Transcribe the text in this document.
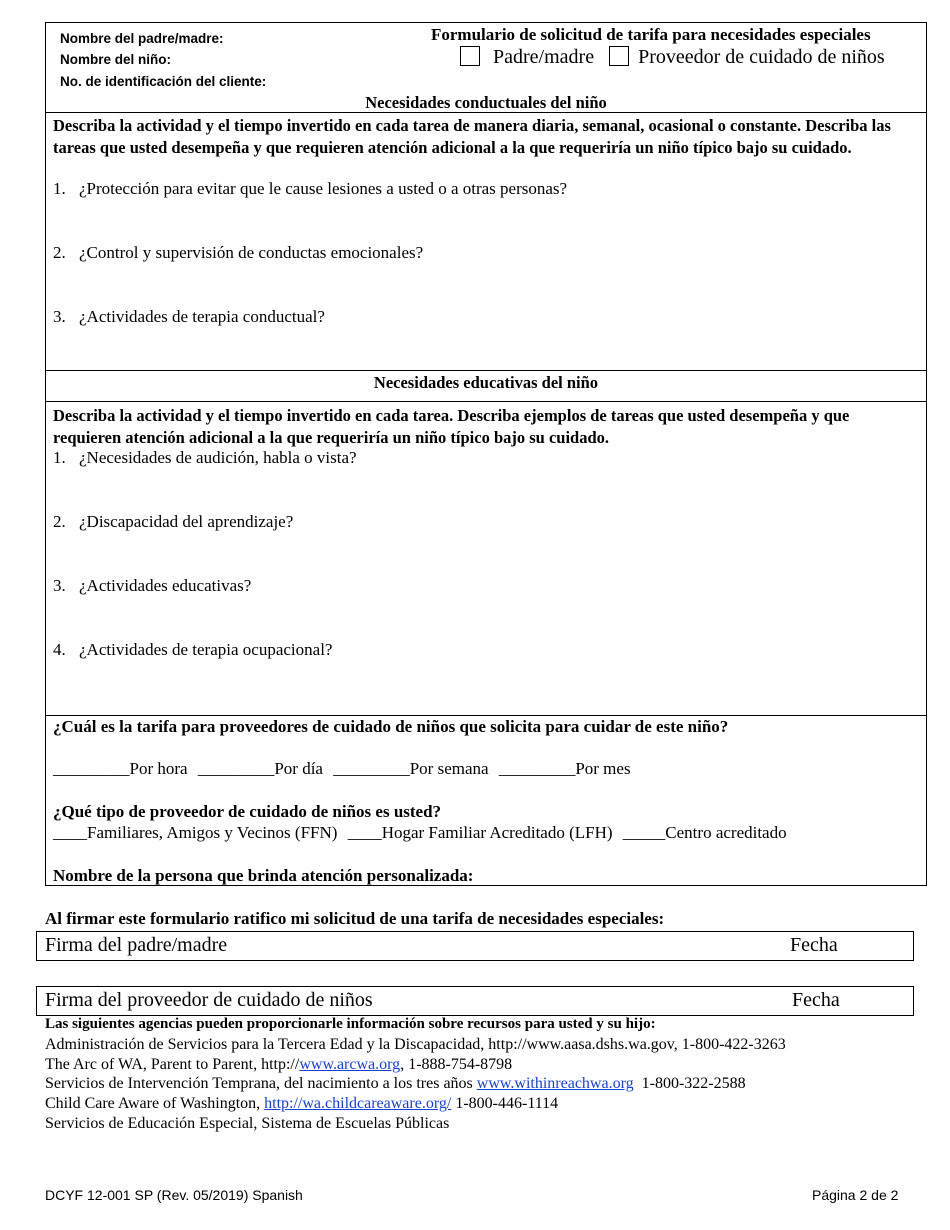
Nombre del padre/madre:
Nombre del niño:
No. de identificación del cliente:
Formulario de solicitud de tarifa para necesidades especiales
Padre/madre Proveedor de cuidado de niños
Necesidades conductuales del niño
Describa la actividad y el tiempo invertido en cada tarea de manera diaria, semanal, ocasional o constante. Describa las tareas que usted desempeña y que requieren atención adicional a la que requeriría un niño típico bajo su cuidado.
1. ¿Protección para evitar que le cause lesiones a usted o a otras personas?
2. ¿Control y supervisión de conductas emocionales?
3. ¿Actividades de terapia conductual?
Necesidades educativas del niño
Describa la actividad y el tiempo invertido en cada tarea. Describa ejemplos de tareas que usted desempeña y que requieren atención adicional a la que requeriría un niño típico bajo su cuidado.
1. ¿Necesidades de audición, habla o vista?
2. ¿Discapacidad del aprendizaje?
3. ¿Actividades educativas?
4. ¿Actividades de terapia ocupacional?
¿Cuál es la tarifa para proveedores de cuidado de niños que solicita para cuidar de este niño?
_________Por hora _________Por día _________Por semana _________Por mes
¿Qué tipo de proveedor de cuidado de niños es usted?
____Familiares, Amigos y Vecinos (FFN) ____Hogar Familiar Acreditado (LFH) _____Centro acreditado
Nombre de la persona que brinda atención personalizada:
Al firmar este formulario ratifico mi solicitud de una tarifa de necesidades especiales:
Firma del padre/madre	Fecha
Firma del proveedor de cuidado de niños	Fecha
Las siguientes agencias pueden proporcionarle información sobre recursos para usted y su hijo:
Administración de Servicios para la Tercera Edad y la Discapacidad, http://www.aasa.dshs.wa.gov, 1-800-422-3263
The Arc of WA, Parent to Parent, http://www.arcwa.org, 1-888-754-8798
Servicios de Intervención Temprana, del nacimiento a los tres años www.withinreachwa.org  1-800-322-2588
Child Care Aware of Washington, http://wa.childcareaware.org/ 1-800-446-1114
Servicios de Educación Especial, Sistema de Escuelas Públicas
DCYF 12-001 SP (Rev. 05/2019) Spanish	Página 2 de 2
